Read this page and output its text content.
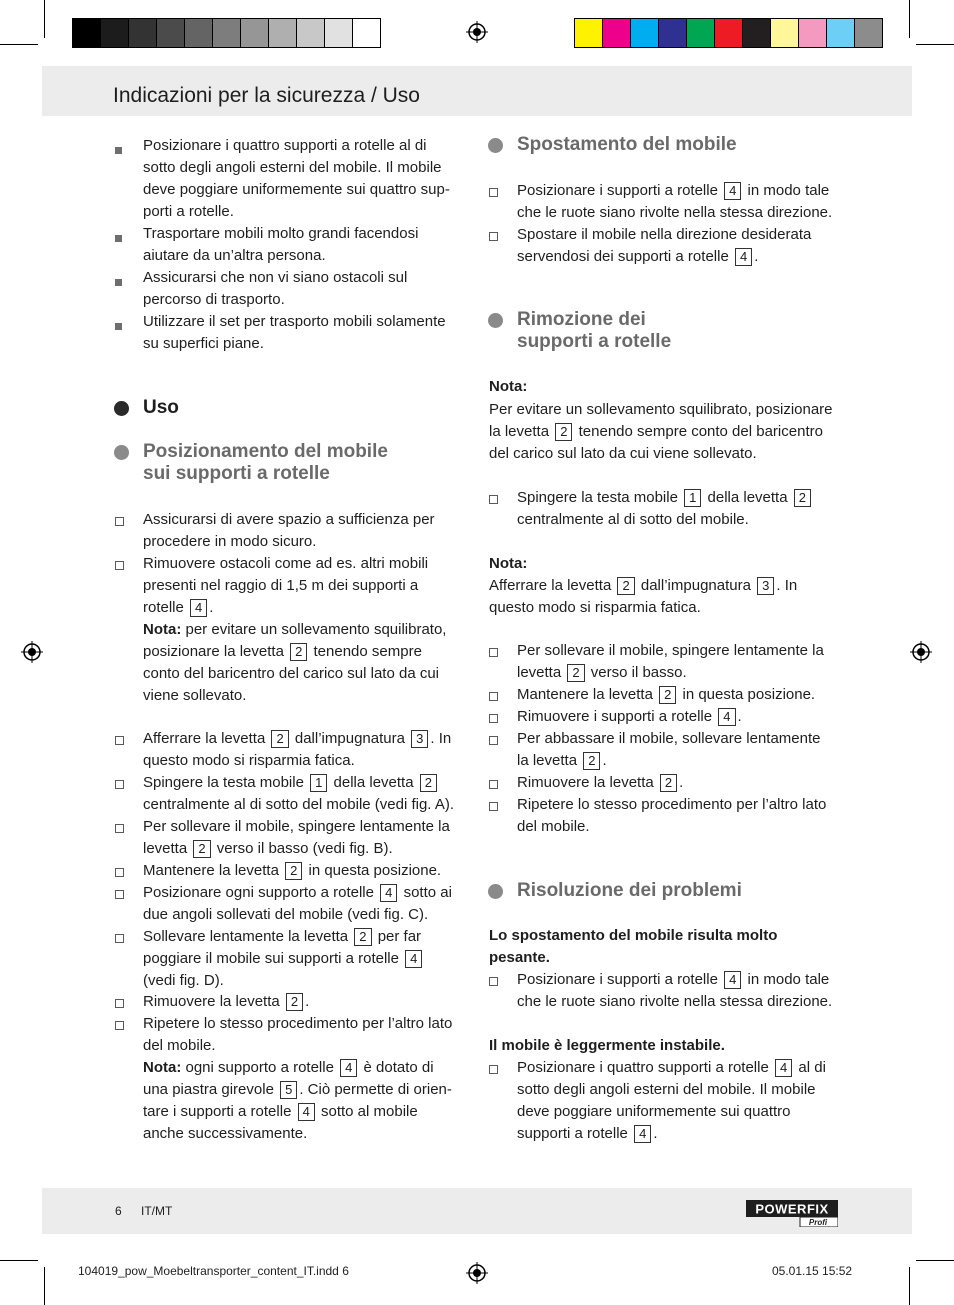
Indicazioni per la sicurezza / Uso
Posizionare i quattro supporti a rotelle al di sotto degli angoli esterni del mobile. Il mobile deve poggiare uniformemente sui quattro sup-porti a rotelle.
Trasportare mobili molto grandi facendosi aiutare da un’altra persona.
Assicurarsi che non vi siano ostacoli sul percorso di trasporto.
Utilizzare il set per trasporto mobili solamente su superfici piane.
Uso
Posizionamento del mobile
sui supporti a rotelle
Assicurarsi di avere spazio a sufficienza per
procedere in modo sicuro.
Rimuovere ostacoli come ad es. altri mobili
presenti nel raggio di 1,5 m dei supporti a
rotelle 4 .
Nota: per evitare un sollevamento squilibrato,
posizionare la levetta 2 tenendo sempre
conto del baricentro del carico sul lato da cui
viene sollevato.
Afferrare la levetta 2 dall’impugnatura 3 . In
questo modo si risparmia fatica.
Spingere la testa mobile 1 della levetta 2
centralmente al di sotto del mobile (vedi fig. A).
Per sollevare il mobile, spingere lentamente la
levetta 2 verso il basso (vedi fig. B).
Mantenere la levetta 2 in questa posizione.
Posizionare ogni supporto a rotelle 4 sotto ai
due angoli sollevati del mobile (vedi fig. C).
Sollevare lentamente la levetta 2 per far
poggiare il mobile sui supporti a rotelle 4
(vedi fig. D).
Rimuovere la levetta 2 .
Ripetere lo stesso procedimento per l’altro lato
del mobile.
Nota: ogni supporto a rotelle 4 è dotato di
una piastra girevole 5 . Ciò permette di orien-
tare i supporti a rotelle 4 sotto al mobile
anche successivamente.
Spostamento del mobile
Posizionare i supporti a rotelle 4 in modo tale
che le ruote siano rivolte nella stessa direzione.
Spostare il mobile nella direzione desiderata
servendosi dei supporti a rotelle 4 .
Rimozione dei
supporti a rotelle
Nota:
Per evitare un sollevamento squilibrato, posizionare
la levetta 2 tenendo sempre conto del baricentro
del carico sul lato da cui viene sollevato.
Spingere la testa mobile 1 della levetta 2
centralmente al di sotto del mobile.
Nota:
Afferrare la levetta 2 dall’impugnatura 3 . In
questo modo si risparmia fatica.
Per sollevare il mobile, spingere lentamente la
levetta 2 verso il basso.
Mantenere la levetta 2 in questa posizione.
Rimuovere i supporti a rotelle 4 .
Per abbassare il mobile, sollevare lentamente
la levetta 2 .
Rimuovere la levetta 2 .
Ripetere lo stesso procedimento per l’altro lato
del mobile.
Risoluzione dei problemi
Lo spostamento del mobile risulta molto
pesante.
Posizionare i supporti a rotelle 4 in modo tale
che le ruote siano rivolte nella stessa direzione.
Il mobile è leggermente instabile.
Posizionare i quattro supporti a rotelle 4 al di
sotto degli angoli esterni del mobile. Il mobile
deve poggiare uniformemente sui quattro
supporti a rotelle 4 .
6 IT/MT	POWERFIX
Profi
104019_pow_Moebeltransporter_content_IT.indd 6	05.01.15 15:52
